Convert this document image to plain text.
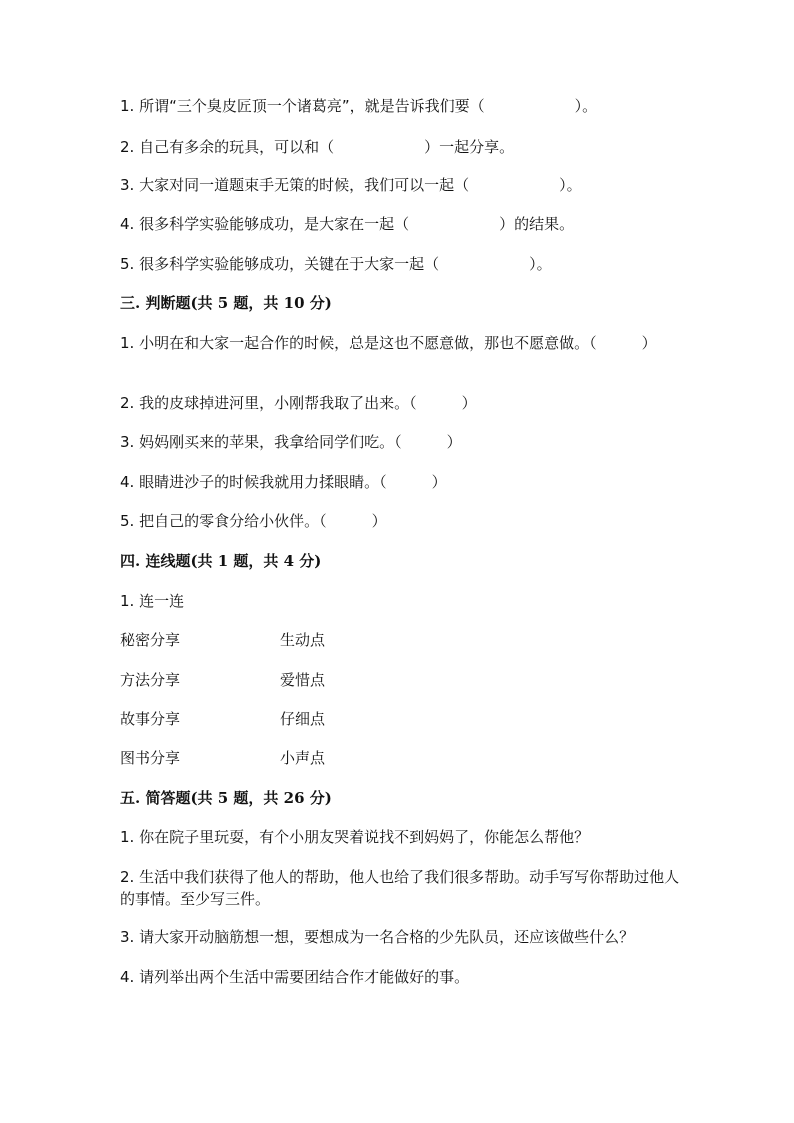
1. 所谓“三个臭皮匠顶一个诸葛亮”，就是告诉我们要（　　　　　　）。
2. 自己有多余的玩具，可以和（　　　　　　）一起分享。
3. 大家对同一道题束手无策的时候，我们可以一起（　　　　　　）。
4. 很多科学实验能够成功，是大家在一起（　　　　　　）的结果。
5. 很多科学实验能够成功，关键在于大家一起（　　　　　　）。
三. 判断题(共 5 题，共 10 分)
1. 小明在和大家一起合作的时候，总是这也不愿意做，那也不愿意做。（　　　）
2. 我的皮球掉进河里，小刚帮我取了出来。（　　　）
3. 妈妈刚买来的苹果，我拿给同学们吃。（　　　）
4. 眼睛进沙子的时候我就用力揉眼睛。（　　　）
5. 把自己的零食分给小伙伴。（　　　）
四. 连线题(共 1 题，共 4 分)
1. 连一连
秘密分享	生动点
方法分享	爱惜点
故事分享	仔细点
图书分享	小声点
五. 简答题(共 5 题，共 26 分)
1. 你在院子里玩耍，有个小朋友哭着说找不到妈妈了，你能怎么帮他？
2. 生活中我们获得了他人的帮助，他人也给了我们很多帮助。动手写写你帮助过他人的事情。至少写三件。
3. 请大家开动脑筋想一想，要想成为一名合格的少先队员，还应该做些什么？
4. 请列举出两个生活中需要团结合作才能做好的事。
